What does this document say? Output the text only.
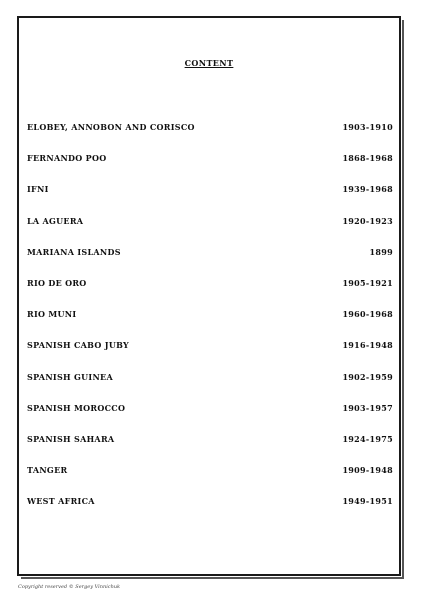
CONTENT
ELOBEY, ANNOBON AND CORISCO	1903-1910
FERNANDO POO	1868-1968
IFNI	1939-1968
LA AGUERA	1920-1923
MARIANA ISLANDS	1899
RIO DE ORO	1905-1921
RIO MUNI	1960-1968
SPANISH CABO JUBY	1916-1948
SPANISH GUINEA	1902-1959
SPANISH MOROCCO	1903-1957
SPANISH SAHARA	1924-1975
TANGER	1909-1948
WEST AFRICA	1949-1951
Copyright reserved © Sergey Vinnichuk
